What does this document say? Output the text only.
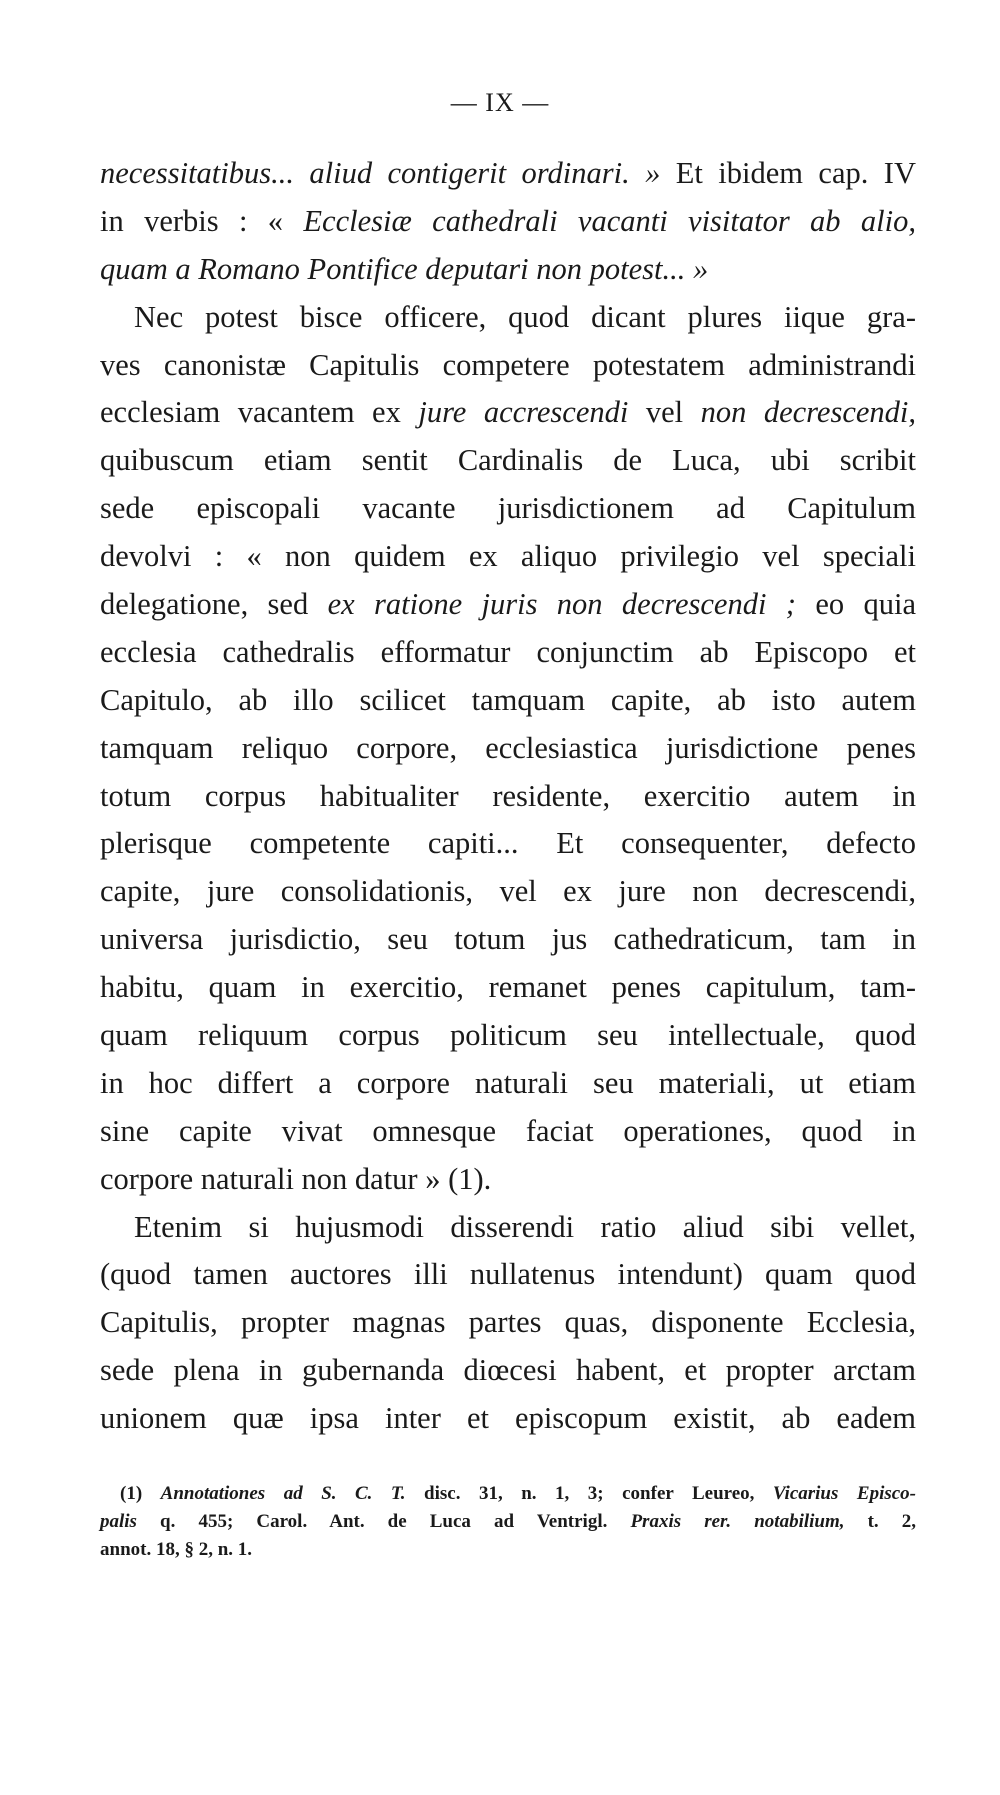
— IX —
necessitatibus... aliud contigerit ordinari. » Et ibidem cap. IV
in verbis : « Ecclesiæ cathedrali vacanti visitator ab alio,
quam a Romano Pontifice deputari non potest... »
Nec potest bisce officere, quod dicant plures iique gra-
ves canonistæ Capitulis competere potestatem administrandi
ecclesiam vacantem ex jure accrescendi vel non decrescendi,
quibuscum etiam sentit Cardinalis de Luca, ubi scribit
sede episcopali vacante jurisdictionem ad Capitulum
devolvi : « non quidem ex aliquo privilegio vel speciali
delegatione, sed ex ratione juris non decrescendi ; eo quia
ecclesia cathedralis efformatur conjunctim ab Episcopo et
Capitulo, ab illo scilicet tamquam capite, ab isto autem
tamquam reliquo corpore, ecclesiastica jurisdictione penes
totum corpus habitualiter residente, exercitio autem in
plerisque competente capiti... Et consequenter, defecto
capite, jure consolidationis, vel ex jure non decrescendi,
universa jurisdictio, seu totum jus cathedraticum, tam in
habitu, quam in exercitio, remanet penes capitulum, tam-
quam reliquum corpus politicum seu intellectuale, quod
in hoc differt a corpore naturali seu materiali, ut etiam
sine capite vivat omnesque faciat operationes, quod in
corpore naturali non datur » (1).
Etenim si hujusmodi disserendi ratio aliud sibi vellet,
(quod tamen auctores illi nullatenus intendunt) quam quod
Capitulis, propter magnas partes quas, disponente Ecclesia,
sede plena in gubernanda diœcesi habent, et propter arctam
unionem quæ ipsa inter et episcopum existit, ab eadem
(1) Annotationes ad S. C. T. disc. 31, n. 1, 3; confer Leureo, Vicarius Episco-
palis q. 455; Carol. Ant. de Luca ad Ventrigl. Praxis rer. notabilium, t. 2,
annot. 18, § 2, n. 1.
